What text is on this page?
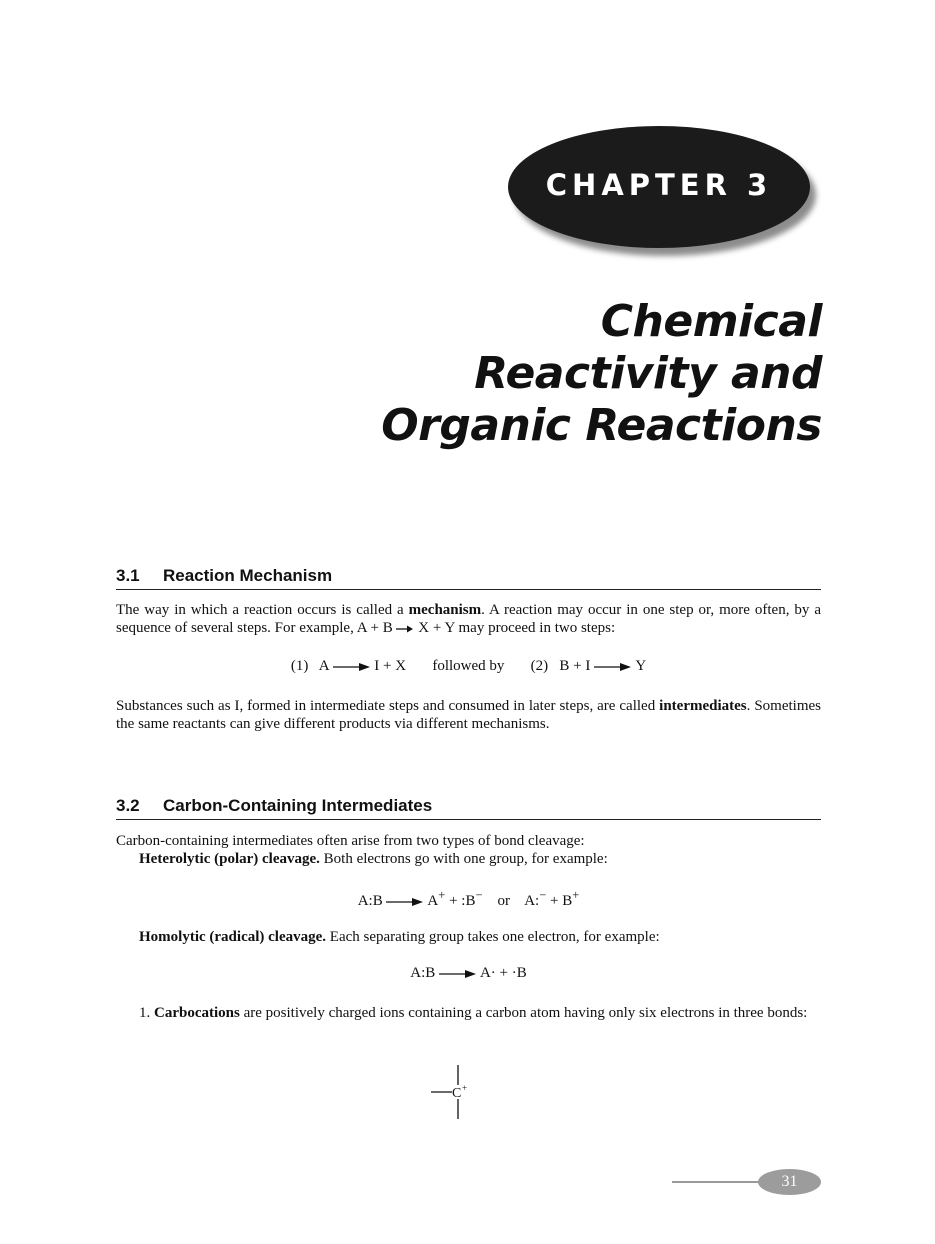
CHAPTER 3
Chemical
Reactivity and
Organic Reactions
3.1 Reaction Mechanism
The way in which a reaction occurs is called a mechanism. A reaction may occur in one step or, more often, by a sequence of several steps. For example, A + B → X + Y may proceed in two steps:
(1) A → I + X followed by (2) B + I → Y
Substances such as I, formed in intermediate steps and consumed in later steps, are called intermediates. Sometimes the same reactants can give different products via different mechanisms.
3.2 Carbon-Containing Intermediates
Carbon-containing intermediates often arise from two types of bond cleavage:
Heterolytic (polar) cleavage. Both electrons go with one group, for example:
A:B → A+ + :B− or A:− + B+
Homolytic (radical) cleavage. Each separating group takes one electron, for example:
A:B → A· + ·B
1. Carbocations are positively charged ions containing a carbon atom having only six electrons in three bonds:
C +
31
